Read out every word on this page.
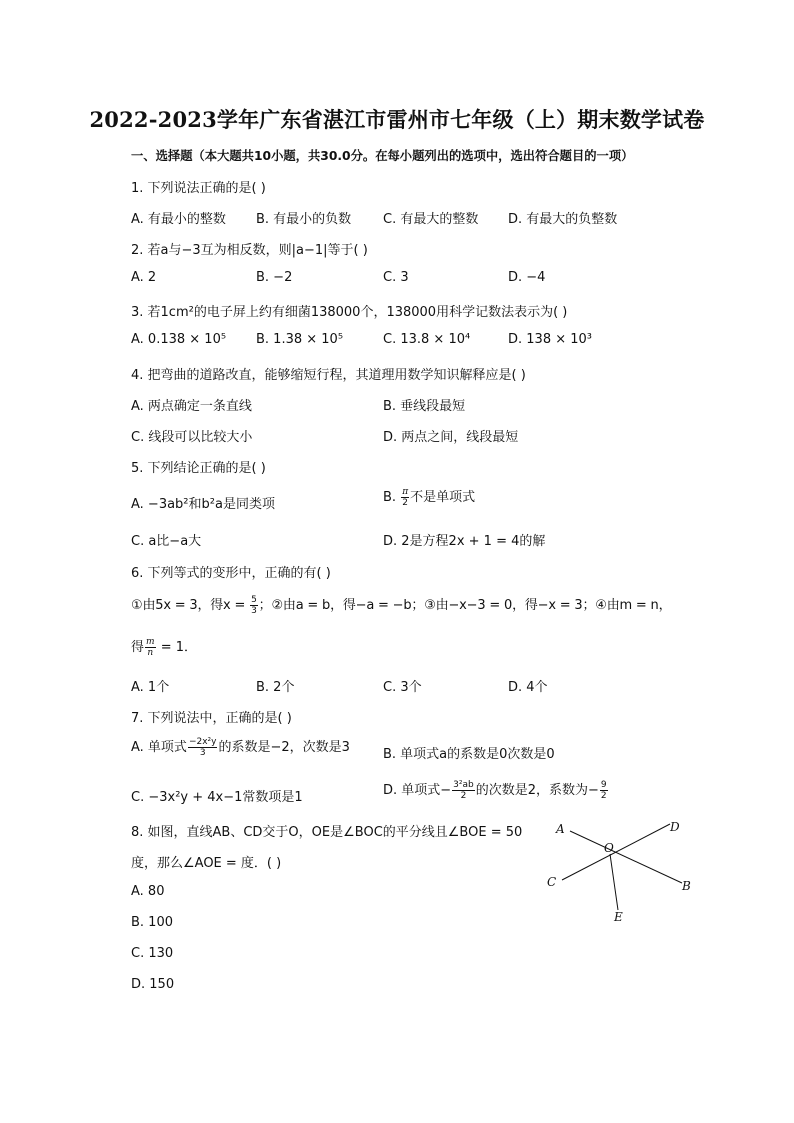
2022-2023学年广东省湛江市雷州市七年级（上）期末数学试卷
一、选择题（本大题共10小题，共30.0分。在每小题列出的选项中，选出符合题目的一项）
1. 下列说法正确的是( )
A. 有最小的整数 B. 有最小的负数 C. 有最大的整数 D. 有最大的负整数
2. 若a与−3互为相反数，则|a−1|等于( )
A. 2	B. −2	C. 3	D. −4
3. 若1cm²的电子屏上约有细菌138000个，138000用科学记数法表示为( )
A. 0.138 × 10⁵ B. 1.38 × 10⁵	C. 13.8 × 10⁴	D. 138 × 10³
4. 把弯曲的道路改直，能够缩短行程，其道理用数学知识解释应是( )
A. 两点确定一条直线	B. 垂线段最短
C. 线段可以比较大小	D. 两点之间，线段最短
5. 下列结论正确的是( )
A. −3ab²和b²a是同类项	B. $\frac{\pi}{2}$ 不是单项式
C. a比−a大	D. 2是方程2x + 1 = 4的解
6. 下列等式的变形中，正确的有( )
①由5x = 3，得$x = \frac{5}{3}$ ；②由a = b，得−a = −b；③由−x−3 = 0，得−x = 3；④由m = n，
得 $\frac{m}{n} = 1$．
A. 1个	B. 2个	C. 3个	D. 4个
7. 下列说法中，正确的是( )
A. 单项式 $\frac{\text{−2x²y}}{3}$ 的系数是−2，次数是3	B. 单项式a的系数是0次数是0
C. −3x²y + 4x−1常数项是1	D. 单项式− $\frac{\text{3²ab}}{2}$ 的次数是2，系数为− $\frac{9}{2}$
8. 如图，直线AB、CD交于O，OE是∠BOC的平分线且∠BOE = 50
度，那么∠AOE = 度．( )
A. 80
B. 100
C. 130
D. 150
A	D
O
C	B
E
